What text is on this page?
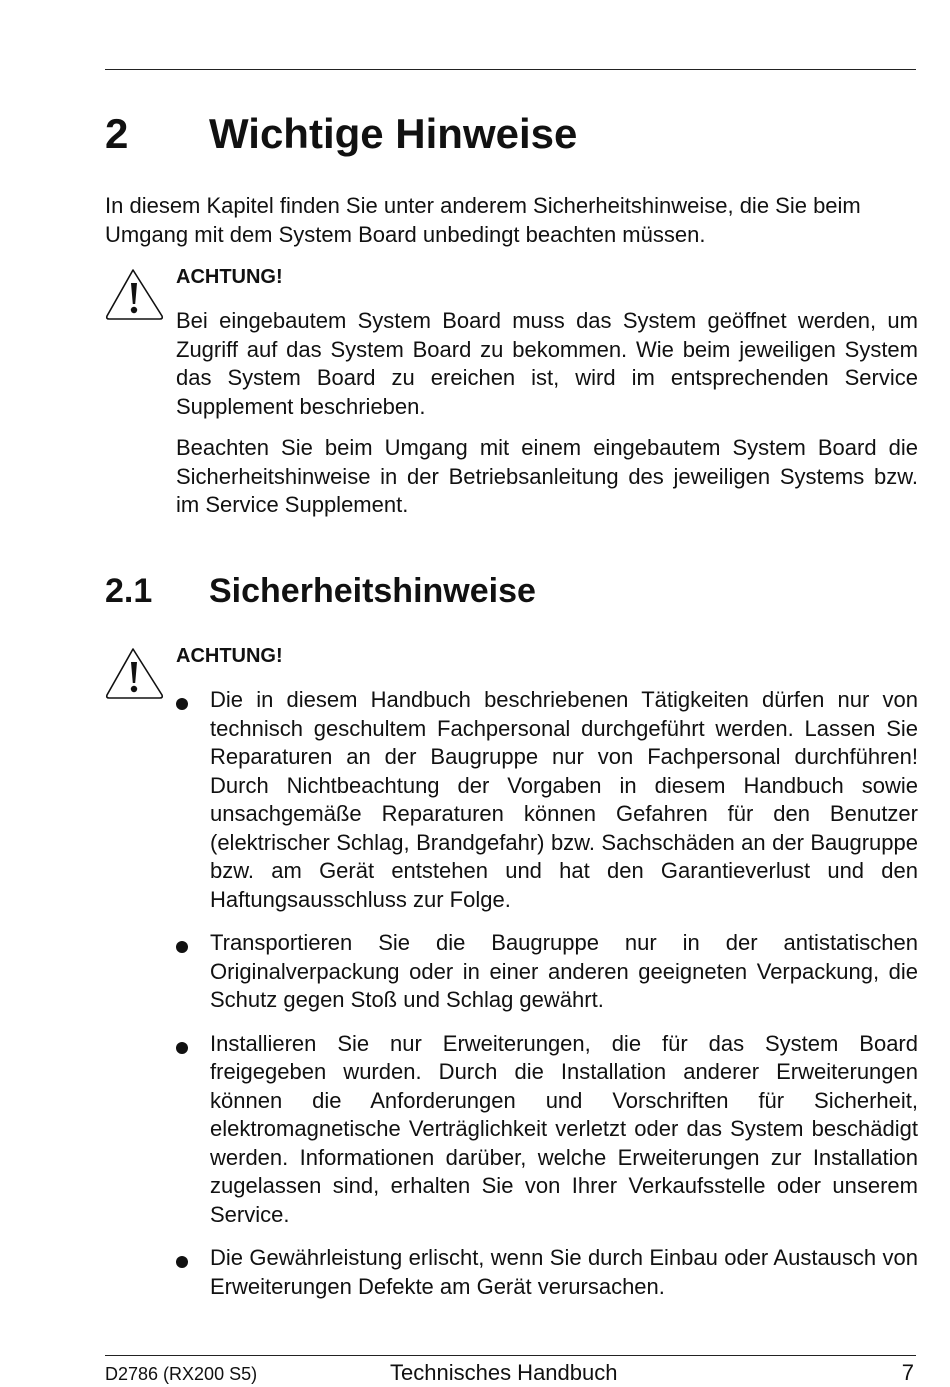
2 Wichtige Hinweise

In diesem Kapitel finden Sie unter anderem Sicherheitshinweise, die Sie beim Umgang mit dem System Board unbedingt beachten müssen.

ACHTUNG!

Bei eingebautem System Board muss das System geöffnet werden, um Zugriff auf das System Board zu bekommen. Wie beim jeweiligen System das System Board zu ereichen ist, wird im entsprechenden Service Supplement beschrieben.

Beachten Sie beim Umgang mit einem eingebautem System Board die Sicherheitshinweise in der Betriebsanleitung des jeweiligen Systems bzw. im Service Supplement.

2.1 Sicherheitshinweise

ACHTUNG!

Die in diesem Handbuch beschriebenen Tätigkeiten dürfen nur von technisch geschultem Fachpersonal durchgeführt werden. Lassen Sie Reparaturen an der Baugruppe nur von Fachpersonal durchführen! Durch Nichtbeachtung der Vorgaben in diesem Handbuch sowie unsachgemäße Reparaturen können Gefahren für den Benutzer (elektrischer Schlag, Brandgefahr) bzw. Sachschäden an der Baugruppe bzw. am Gerät entstehen und hat den Garantieverlust und den Haftungsausschluss zur Folge.
Transportieren Sie die Baugruppe nur in der antistatischen Originalverpackung oder in einer anderen geeigneten Verpackung, die Schutz gegen Stoß und Schlag gewährt.
Installieren Sie nur Erweiterungen, die für das System Board freigegeben wurden. Durch die Installation anderer Erweiterungen können die Anforderungen und Vorschriften für Sicherheit, elektromagnetische Verträglichkeit verletzt oder das System beschädigt werden. Informationen darüber, welche Erweiterungen zur Installation zugelassen sind, erhalten Sie von Ihrer Verkaufsstelle oder unserem Service.
Die Gewährleistung erlischt, wenn Sie durch Einbau oder Austausch von Erweiterungen Defekte am Gerät verursachen.
D2786 (RX200 S5)	Technisches Handbuch	7
